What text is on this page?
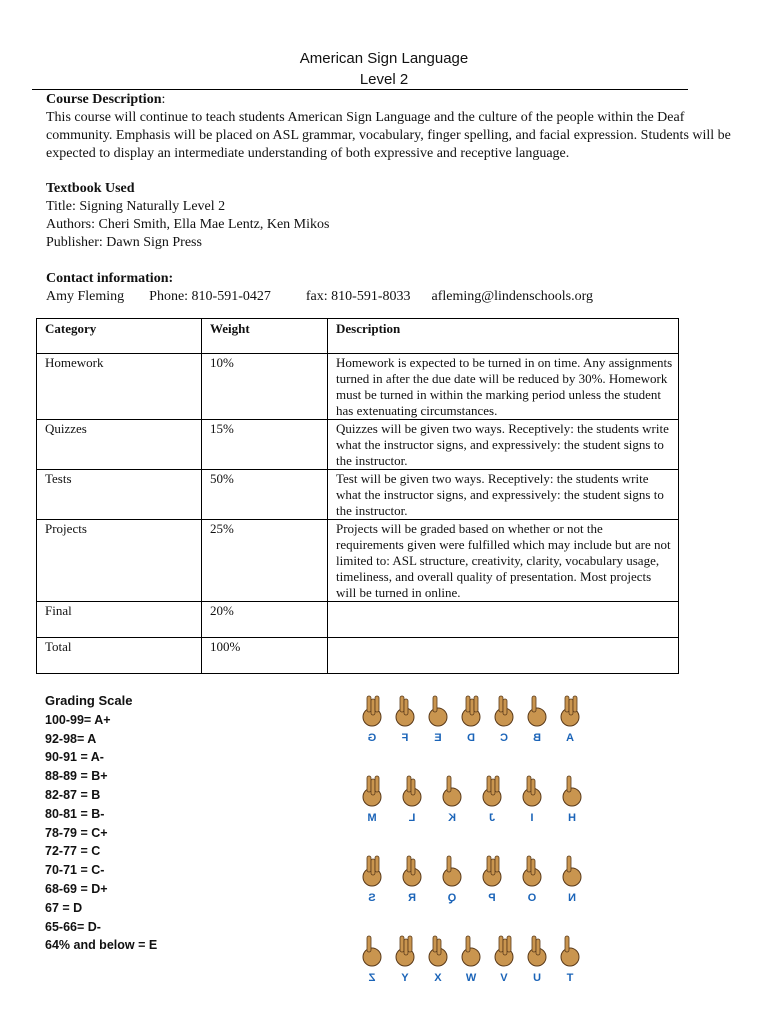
American Sign Language
Level 2
Course Description:
This course will continue to teach students American Sign Language and the culture of the people within the Deaf community. Emphasis will be placed on ASL grammar, vocabulary, finger spelling, and facial expression. Students will be expected to display an intermediate understanding of both expressive and receptive language.
Textbook Used
Title: Signing Naturally Level 2
Authors: Cheri Smith, Ella Mae Lentz, Ken Mikos
Publisher: Dawn Sign Press
Contact information:
Amy Fleming Phone: 810-591-0427	fax: 810-591-8033 afleming@lindenschools.org
Category	Weight	Description
Homework	10%	Homework is expected to be turned in on time. Any assignments turned in after the due date will be reduced by 30%. Homework must be turned in within the marking period unless the student has extenuating circumstances.
Quizzes	15%	Quizzes will be given two ways. Receptively: the students write what the instructor signs, and expressively: the student signs to the instructor.
Tests	50%	Test will be given two ways. Receptively: the students write what the instructor signs, and expressively: the student signs to the instructor.
Projects	25%	Projects will be graded based on whether or not the requirements given were fulfilled which may include but are not limited to: ASL structure, creativity, clarity, vocabulary usage, timeliness, and overall quality of presentation. Most projects will be turned in online.
Final	20%	
Total	100%	
Grading Scale
100-99= A+
92-98= A
90-91 = A-
88-89 = B+
82-87 = B
80-81 = B-
78-79 = C+
72-77 = C
70-71 = C-
68-69 = D+
67 = D
65-66= D-
64% and below = E
G	F	E	D	C	B	A
M	L	K	J	I	H
S	R	Q	P	O	N
Z	Y	X	W	V	U	T
